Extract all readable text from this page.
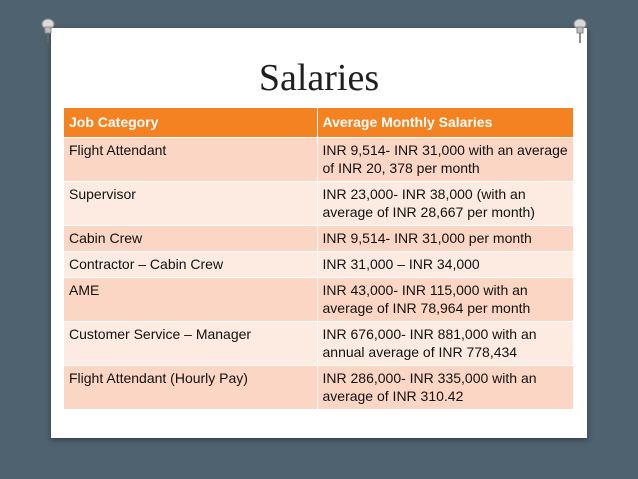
Salaries
Job Category	Average Monthly Salaries
Flight Attendant	INR 9,514- INR 31,000 with an average of INR 20, 378 per month
Supervisor	INR 23,000- INR 38,000 (with an average of INR 28,667 per month)
Cabin Crew	INR 9,514- INR 31,000 per month
Contractor – Cabin Crew	INR 31,000 – INR 34,000
AME	INR 43,000- INR 115,000 with an average of INR 78,964 per month
Customer Service – Manager	INR 676,000- INR 881,000 with an annual average of INR 778,434
Flight Attendant (Hourly Pay)	INR 286,000- INR 335,000 with an average of INR 310.42
